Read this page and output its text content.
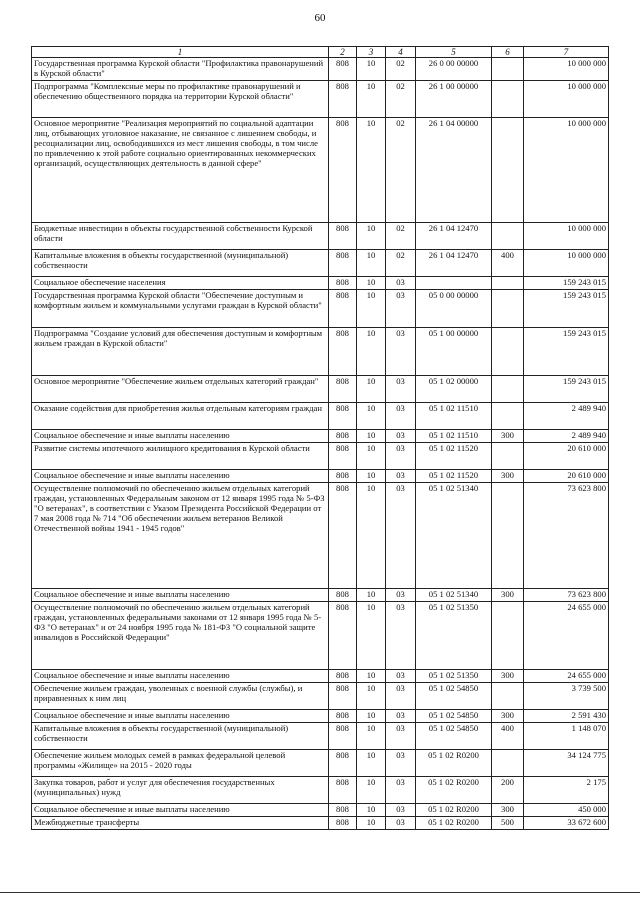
60
1	2	3	4	5	6	7
Государственная программа Курской области "Профилактика правонарушений в Курской области"	808	10	02	26 0 00 00000		10 000 000
Подпрограмма "Комплексные меры по профилактике правонарушений и обеспечению общественного порядка на территории Курской области"	808	10	02	26 1 00 00000		10 000 000
Основное мероприятие "Реализация мероприятий по социальной адаптации лиц, отбывающих уголовное наказание, не связанное с лишением свободы, и ресоциализации лиц, освободившихся из мест лишения свободы, в том числе по привлечению к этой работе социально ориентированных некоммерческих организаций, осуществляющих деятельность в данной сфере"	808	10	02	26 1 04 00000		10 000 000
Бюджетные инвестиции в объекты государственной собственности Курской области	808	10	02	26 1 04 12470		10 000 000
Капитальные вложения в объекты государственной (муниципальной) собственности	808	10	02	26 1 04 12470	400	10 000 000
Социальное обеспечение населения	808	10	03			159 243 015
Государственная программа Курской области "Обеспечение доступным и комфортным жильем и коммунальными услугами граждан в Курской области"	808	10	03	05 0 00 00000		159 243 015
Подпрограмма "Создание условий для обеспечения доступным и комфортным жильем граждан в Курской области"	808	10	03	05 1 00 00000		159 243 015
Основное мероприятие "Обеспечение жильем отдельных категорий граждан"	808	10	03	05 1 02 00000		159 243 015
Оказание содействия для приобретения жилья отдельным категориям граждан	808	10	03	05 1 02 11510		2 489 940
Социальное обеспечение и иные выплаты населению	808	10	03	05 1 02 11510	300	2 489 940
Развитие системы ипотечного жилищного кредитования в Курской области	808	10	03	05 1 02 11520		20 610 000
Социальное обеспечение и иные выплаты населению	808	10	03	05 1 02 11520	300	20 610 000
Осуществление полномочий по обеспечению жильем отдельных категорий граждан, установленных Федеральным законом от 12 января 1995 года № 5-ФЗ "О ветеранах", в соответствии с Указом Президента Российской Федерации от 7 мая 2008 года № 714 "Об обеспечении жильем ветеранов Великой Отечественной войны 1941 - 1945 годов"	808	10	03	05 1 02 51340		73 623 800
Социальное обеспечение и иные выплаты населению	808	10	03	05 1 02 51340	300	73 623 800
Осуществление полномочий по обеспечению жильем отдельных категорий граждан, установленных федеральными законами от 12 января 1995 года № 5-ФЗ "О ветеранах" и от 24 ноября 1995 года № 181-ФЗ "О социальной защите инвалидов в Российской Федерации"	808	10	03	05 1 02 51350		24 655 000
Социальное обеспечение и иные выплаты населению	808	10	03	05 1 02 51350	300	24 655 000
Обеспечение жильем граждан, уволенных с военной службы (службы), и приравненных к ним лиц	808	10	03	05 1 02 54850		3 739 500
Социальное обеспечение и иные выплаты населению	808	10	03	05 1 02 54850	300	2 591 430
Капитальные вложения в объекты государственной (муниципальной) собственности	808	10	03	05 1 02 54850	400	1 148 070
Обеспечение жильем молодых семей в рамках федеральной целевой программы «Жилище» на 2015 - 2020 годы	808	10	03	05 1 02 R0200		34 124 775
Закупка товаров, работ и услуг для обеспечения государственных (муниципальных) нужд	808	10	03	05 1 02 R0200	200	2 175
Социальное обеспечение и иные выплаты населению	808	10	03	05 1 02 R0200	300	450 000
Межбюджетные трансферты	808	10	03	05 1 02 R0200	500	33 672 600
